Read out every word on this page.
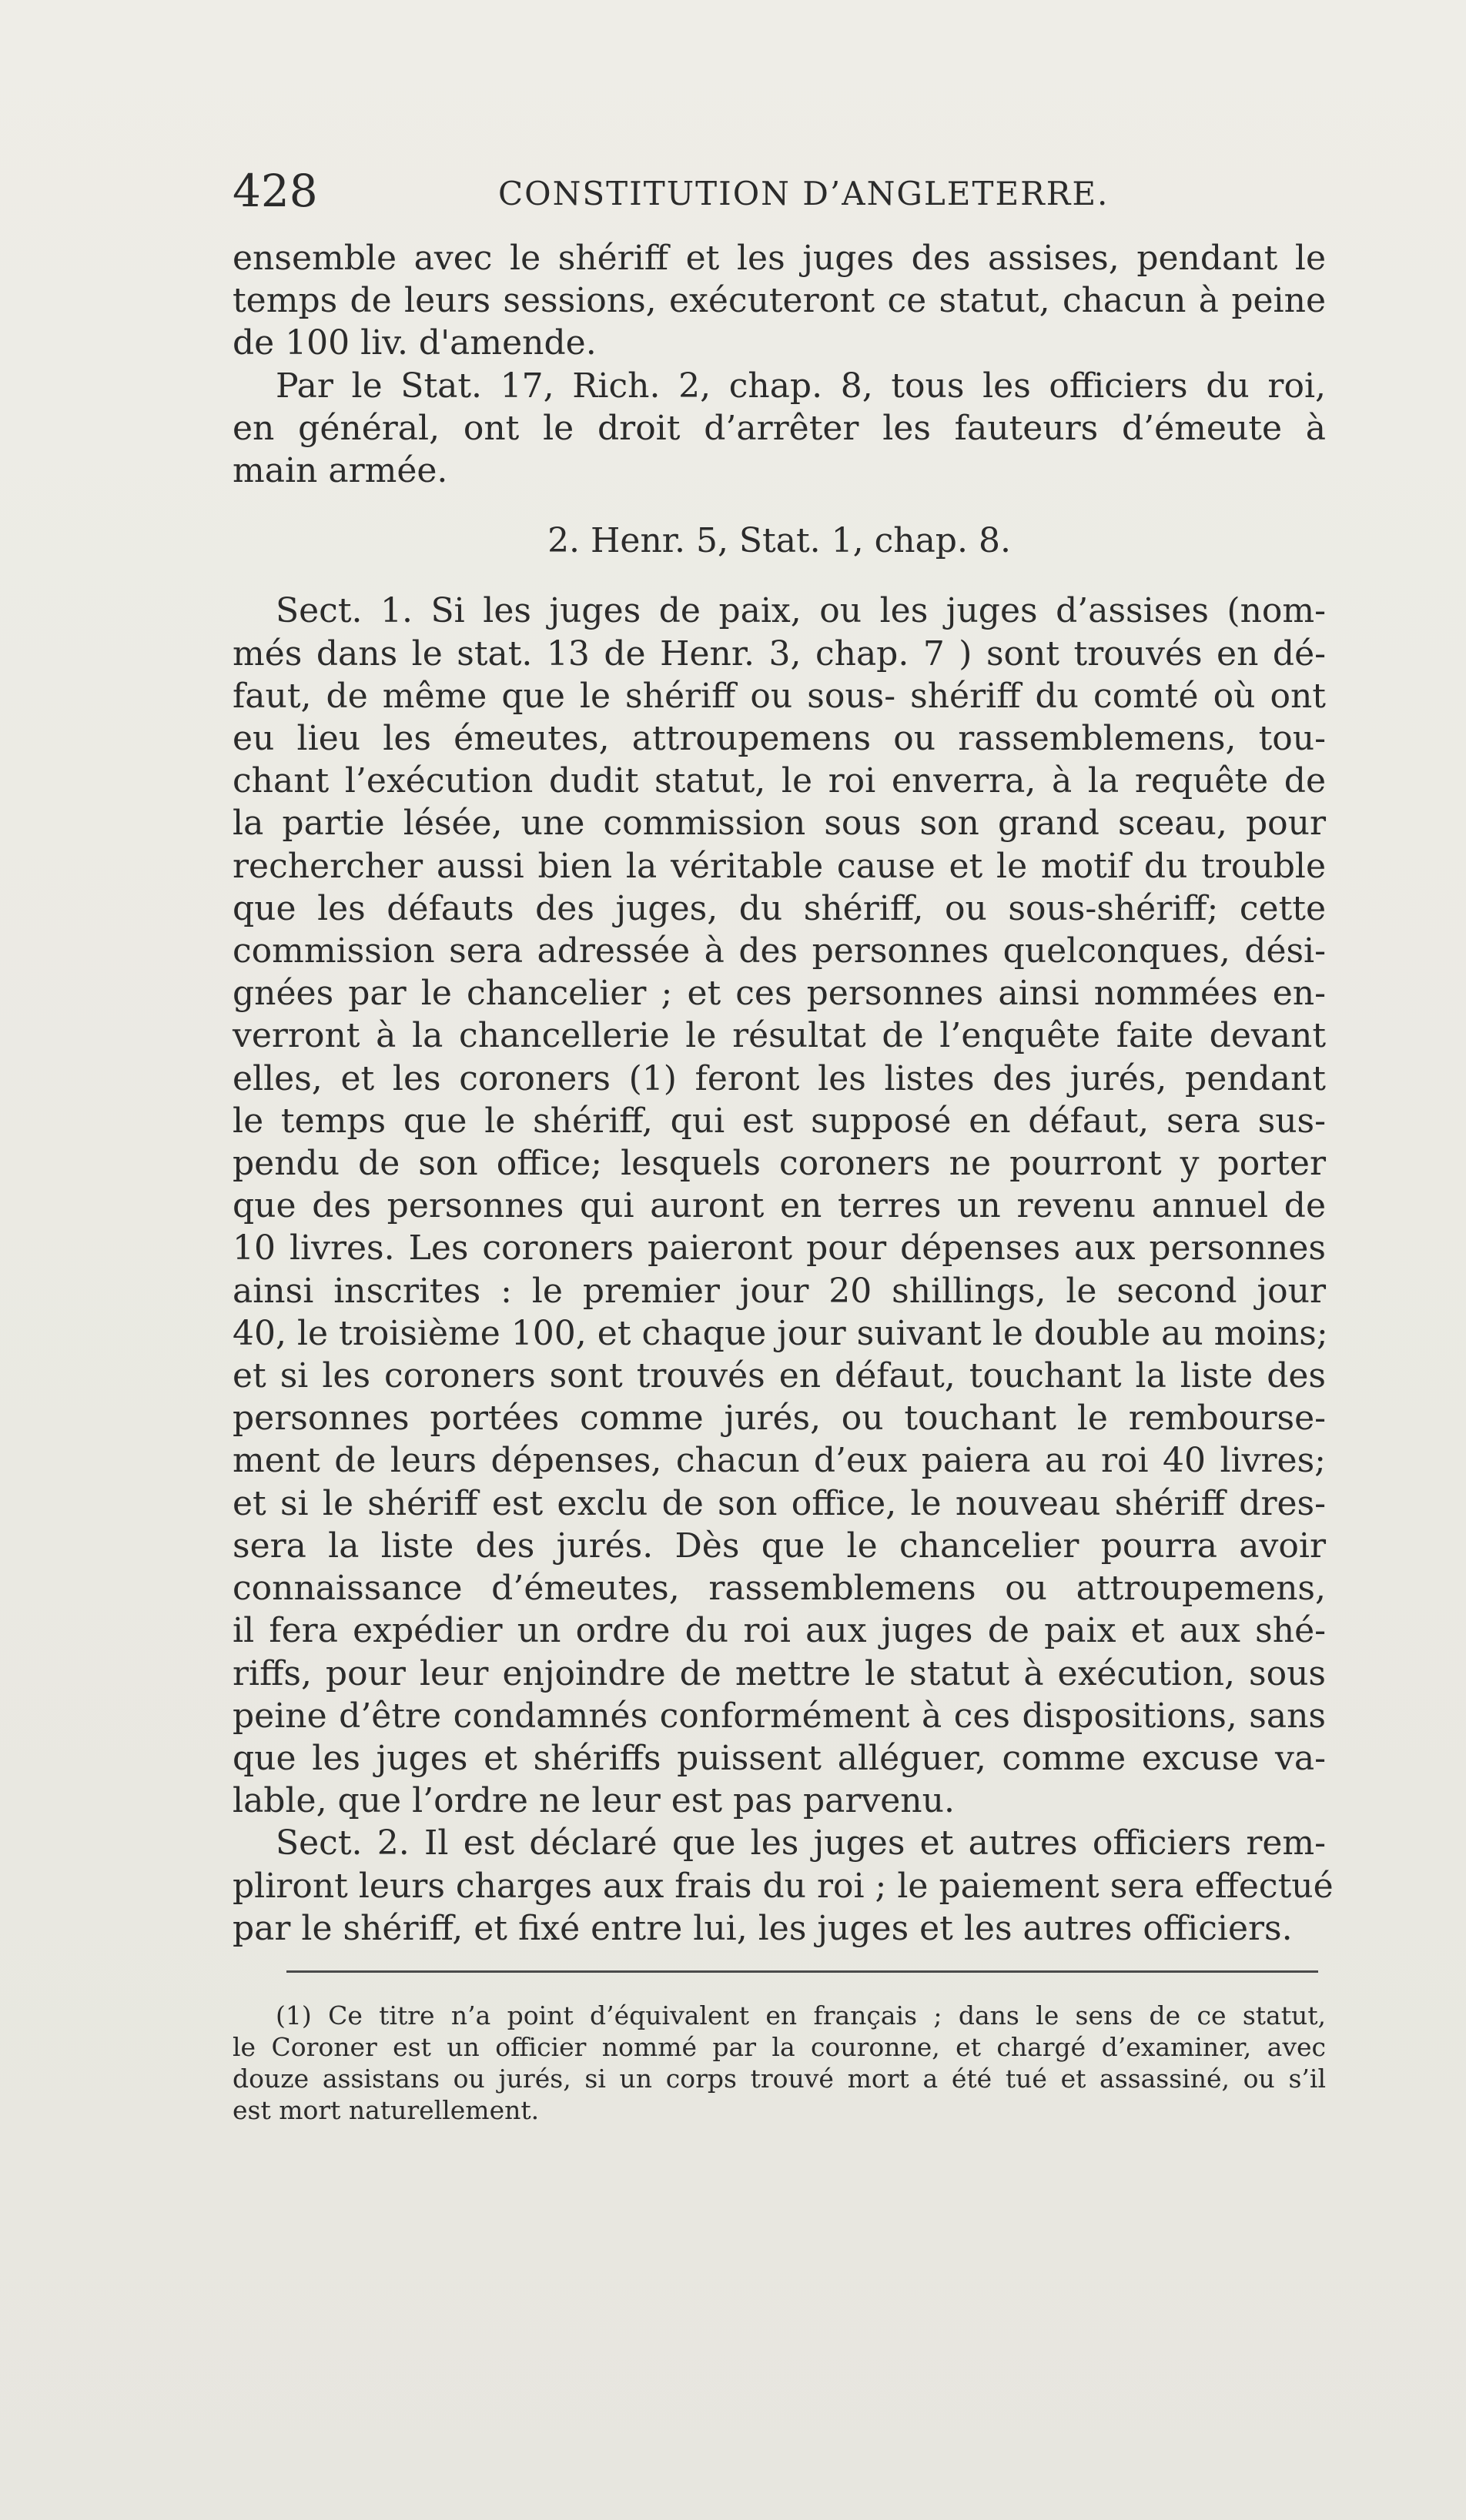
428	CONSTITUTION D’ANGLETERRE.
ensemble avec le shériff et les juges des assises, pendant le
temps de leurs sessions, exécuteront ce statut, chacun à peine
de 100 liv. d'amende.
Par le Stat. 17, Rich. 2, chap. 8, tous les officiers du roi,
en général, ont le droit d’arrêter les fauteurs d’émeute à
main armée.
2. Henr. 5, Stat. 1, chap. 8.
Sect. 1. Si les juges de paix, ou les juges d’assises (nom-
més dans le stat. 13 de Henr. 3, chap. 7 ) sont trouvés en dé-
faut, de même que le shériff ou sous- shériff du comté où ont
eu lieu les émeutes, attroupemens ou rassemblemens, tou-
chant l’exécution dudit statut, le roi enverra, à la requête de
la partie lésée, une commission sous son grand sceau, pour
rechercher aussi bien la véritable cause et le motif du trouble
que les défauts des juges, du shériff, ou sous-shériff; cette
commission sera adressée à des personnes quelconques, dési-
gnées par le chancelier ; et ces personnes ainsi nommées en-
verront à la chancellerie le résultat de l’enquête faite devant
elles, et les coroners (1) feront les listes des jurés, pendant
le temps que le shériff, qui est supposé en défaut, sera sus-
pendu de son office; lesquels coroners ne pourront y porter
que des personnes qui auront en terres un revenu annuel de
10 livres. Les coroners paieront pour dépenses aux personnes
ainsi inscrites : le premier jour 20 shillings, le second jour
40, le troisième 100, et chaque jour suivant le double au moins;
et si les coroners sont trouvés en défaut, touchant la liste des
personnes portées comme jurés, ou touchant le rembourse-
ment de leurs dépenses, chacun d’eux paiera au roi 40 livres;
et si le shériff est exclu de son office, le nouveau shériff dres-
sera la liste des jurés. Dès que le chancelier pourra avoir
connaissance d’émeutes, rassemblemens ou attroupemens,
il fera expédier un ordre du roi aux juges de paix et aux shé-
riffs, pour leur enjoindre de mettre le statut à exécution, sous
peine d’être condamnés conformément à ces dispositions, sans
que les juges et shériffs puissent alléguer, comme excuse va-
lable, que l’ordre ne leur est pas parvenu.
Sect. 2. Il est déclaré que les juges et autres officiers rem-
pliront leurs charges aux frais du roi ; le paiement sera effectué
par le shériff, et fixé entre lui, les juges et les autres officiers.
(1) Ce titre n’a point d’équivalent en français ; dans le sens de ce statut,
le Coroner est un officier nommé par la couronne, et chargé d’examiner, avec
douze assistans ou jurés, si un corps trouvé mort a été tué et assassiné, ou s’il
est mort naturellement.
